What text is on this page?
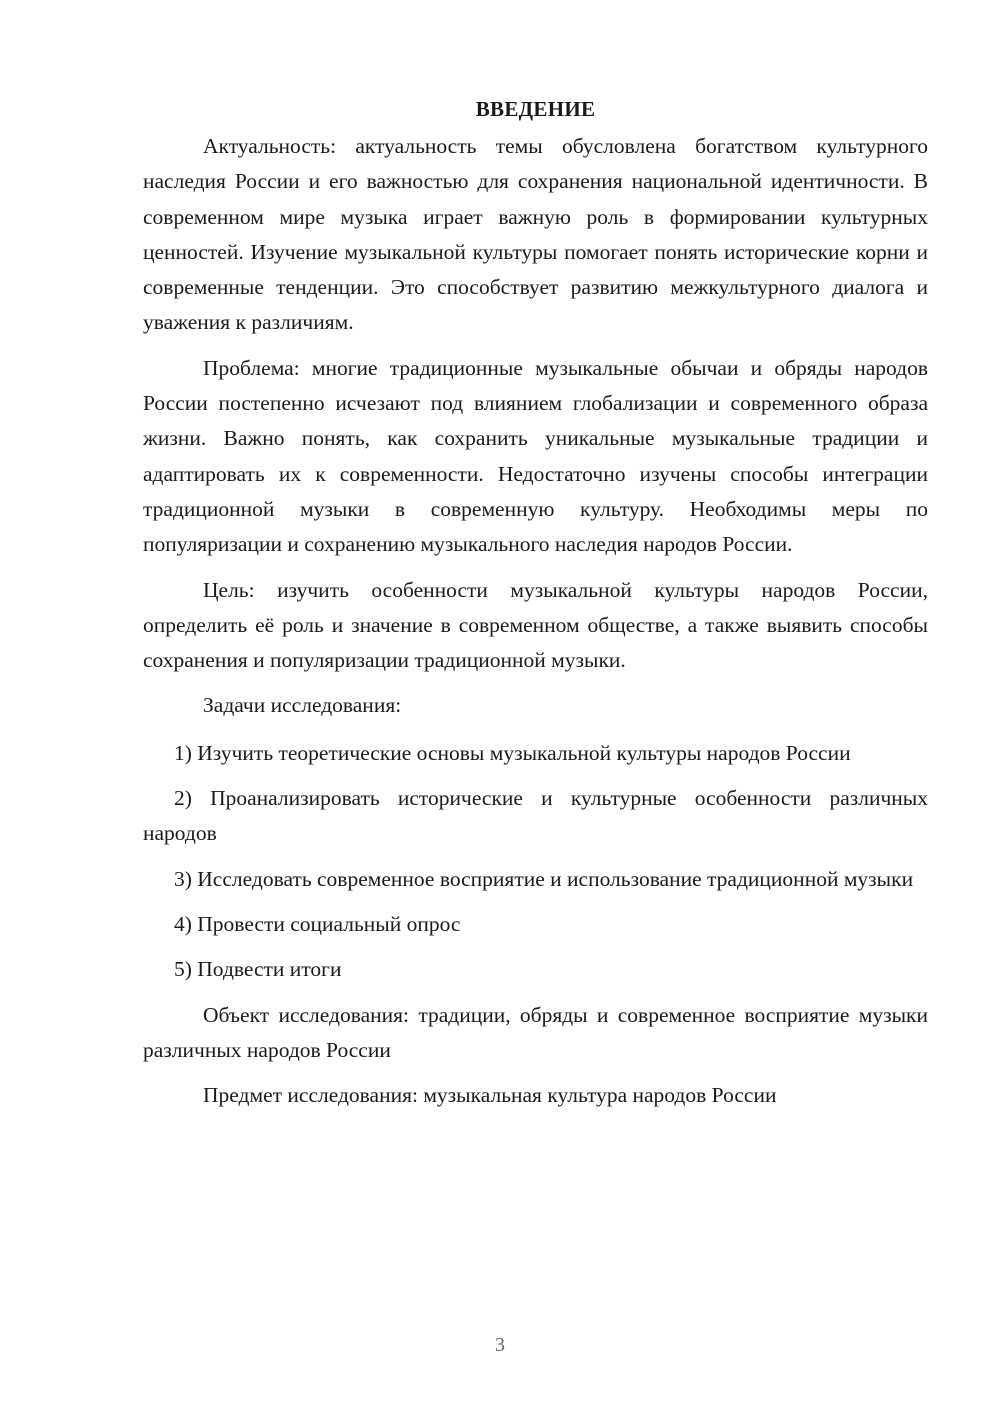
ВВЕДЕНИЕ

Актуальность: актуальность темы обусловлена богатством культурного наследия России и его важностью для сохранения национальной идентичности. В современном мире музыка играет важную роль в формировании культурных ценностей. Изучение музыкальной культуры помогает понять исторические корни и современные тенденции. Это способствует развитию межкультурного диалога и уважения к различиям.

Проблема: многие традиционные музыкальные обычаи и обряды народов России постепенно исчезают под влиянием глобализации и современного образа жизни. Важно понять, как сохранить уникальные музыкальные традиции и адаптировать их к современности. Недостаточно изучены способы интеграции традиционной музыки в современную культуру. Необходимы меры по популяризации и сохранению музыкального наследия народов России.

Цель: изучить особенности музыкальной культуры народов России, определить её роль и значение в современном обществе, а также выявить способы сохранения и популяризации традиционной музыки.

Задачи исследования:

1) Изучить теоретические основы музыкальной культуры народов России

2) Проанализировать исторические и культурные особенности различных народов

3) Исследовать современное восприятие и использование традиционной музыки

4) Провести социальный опрос

5) Подвести итоги

Объект исследования: традиции, обряды и современное восприятие музыки различных народов России

Предмет исследования: музыкальная культура народов России

3
